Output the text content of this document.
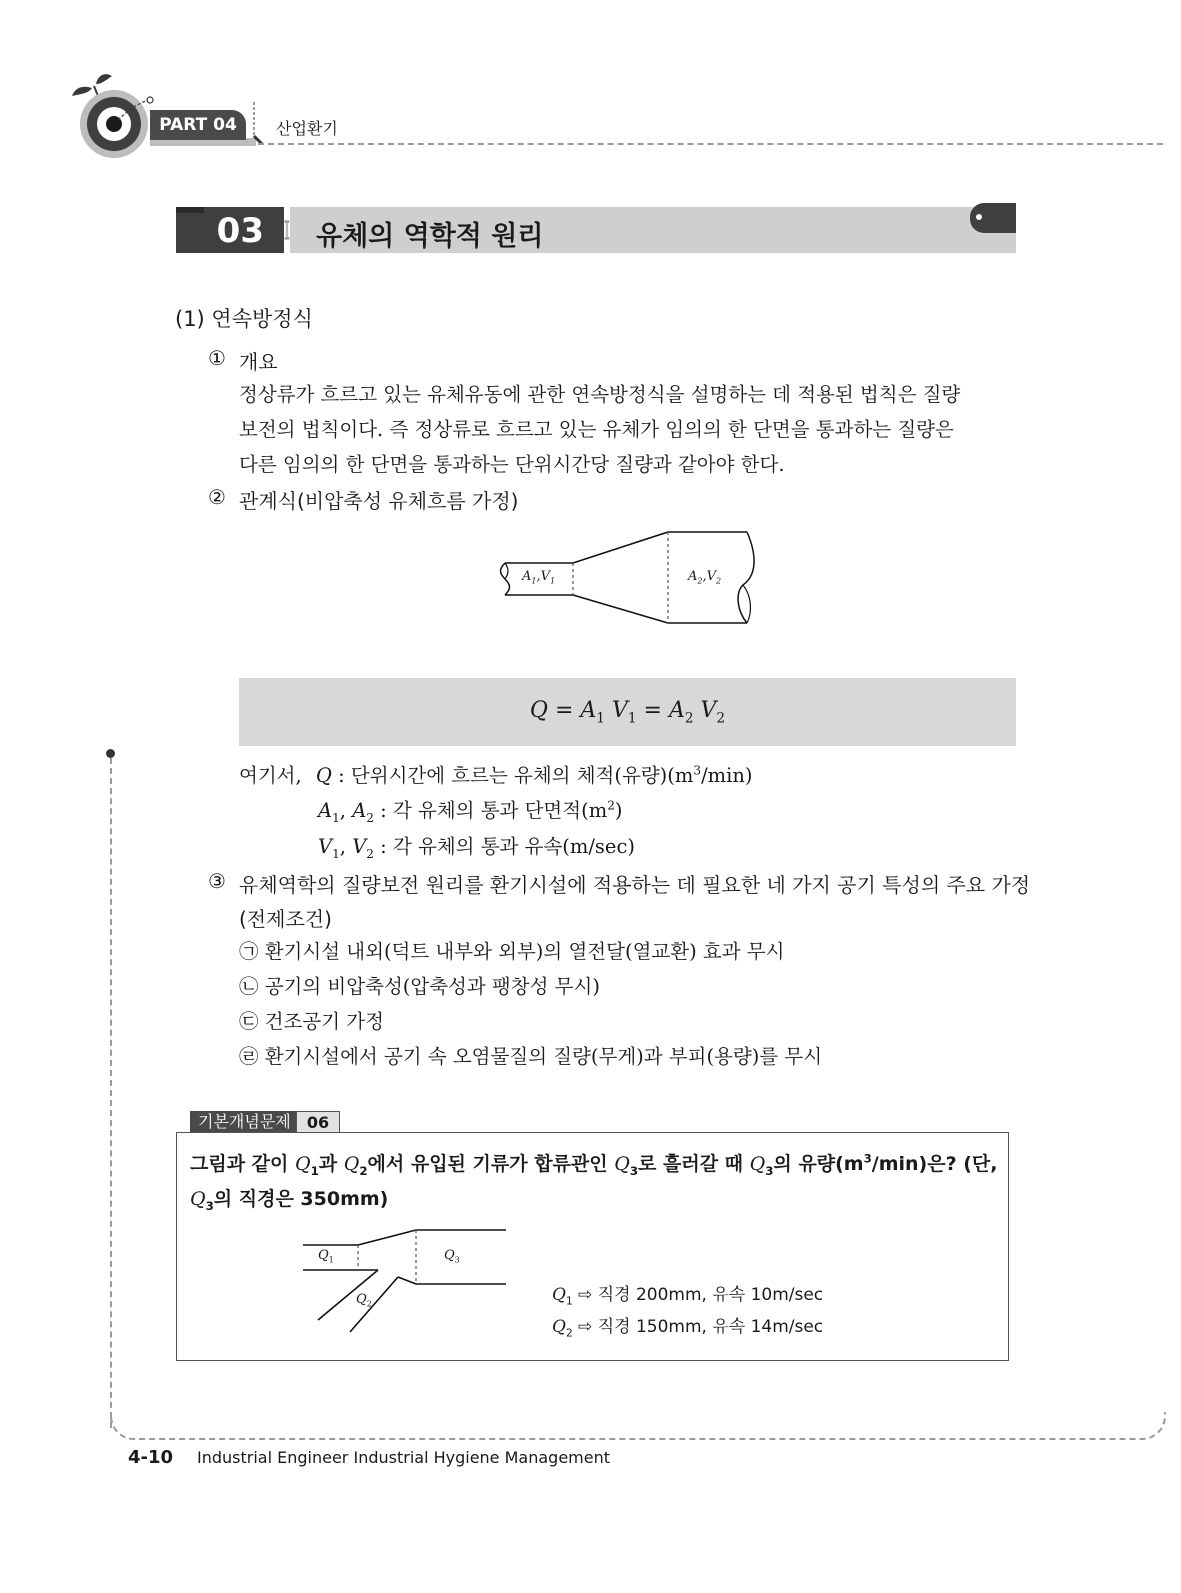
PART 04	산업환기
03	유체의 역학적 원리
(1) 연속방정식
① 개요
정상류가 흐르고 있는 유체유동에 관한 연속방정식을 설명하는 데 적용된 법칙은 질량
보전의 법칙이다. 즉 정상류로 흐르고 있는 유체가 임의의 한 단면을 통과하는 질량은
다른 임의의 한 단면을 통과하는 단위시간당 질량과 같아야 한다.
② 관계식(비압축성 유체흐름 가정)
$A_1,V_1$	$A_2,V_2$
$Q = A_1$ $V_1 = A_2$ $V_2$
여기서, Q : 단위시간에 흐르는 유체의 체적(유량)$(m^3/\min)$
$A_1$, $A_2$ : 각 유체의 통과 단면적$(m^2)$
$V_1$, $V_2$ : 각 유체의 통과 유속(m/sec)
③ 유체역학의 질량보전 원리를 환기시설에 적용하는 데 필요한 네 가지 공기 특성의 주요 가정
(전제조건)
㉠ 환기시설 내외(덕트 내부와 외부)의 열전달(열교환) 효과 무시
㉡ 공기의 비압축성(압축성과 팽창성 무시)
㉢ 건조공기 가정
㉣ 환기시설에서 공기 속 오염물질의 질량(무게)과 부피(용량)를 무시
기본개념문제	06
그림과 같이 $Q_1$과 $Q_2$에서 유입된 기류가 합류관인 $Q_3$로 흘러갈 때 $Q_3$의 유량$(m^3/\min)$은? (단,
$Q_3$의 직경은 350mm)
$Q_1$	$Q_3$
$Q_2$	$Q_1$ ⇨ 직경 200mm, 유속 10m/sec
$Q_2$ ⇨ 직경 150mm, 유속 14m/sec
4-10 Industrial Engineer Industrial Hygiene Management
